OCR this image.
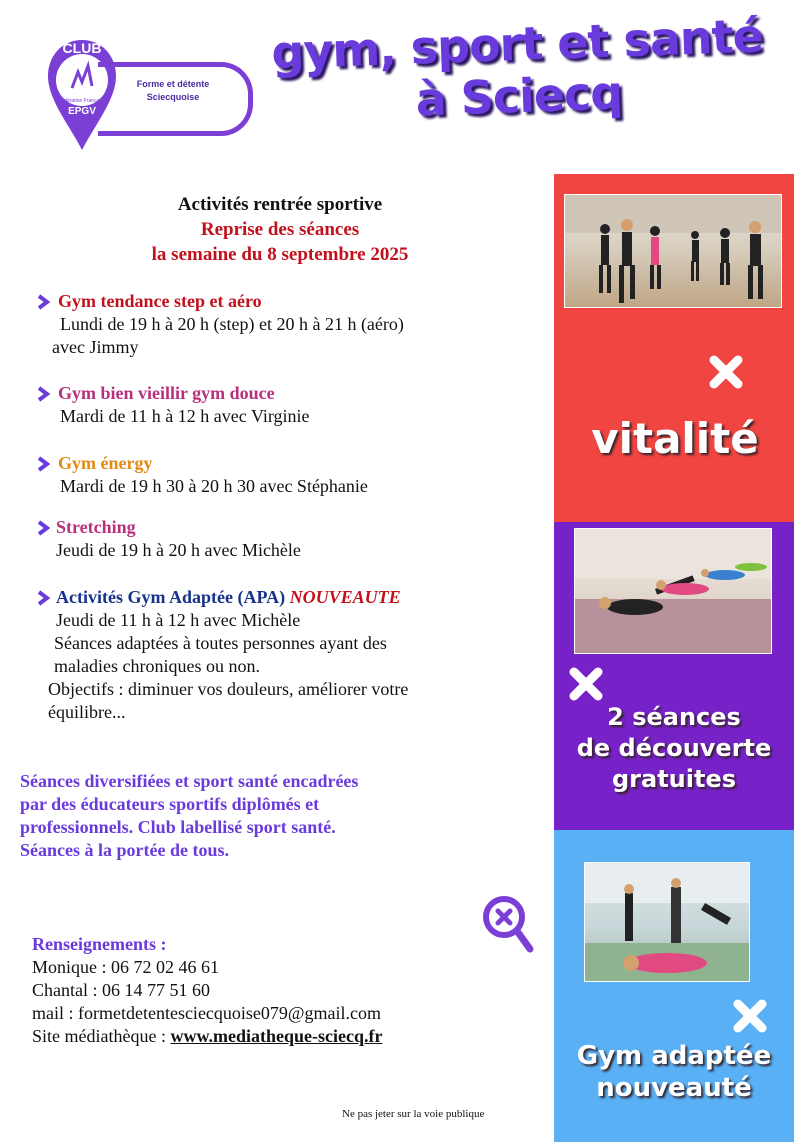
CLUB
Fédération Française
EPGV
Forme et détente
Sciecquoise
gym, sport et santé
à Sciecq
Activités rentrée sportive
Reprise des séances
la semaine du 8 septembre 2025
Gym tendance step et aéro
Lundi de 19 h à 20 h (step) et 20 h à 21 h (aéro)
avec Jimmy
Gym bien vieillir gym douce
Mardi de 11 h à 12 h avec Virginie
Gym énergy
Mardi de 19 h 30 à 20 h 30 avec Stéphanie
Stretching
Jeudi de 19 h à 20 h avec Michèle
Activités Gym Adaptée (APA) NOUVEAUTE
Jeudi de 11 h à 12 h avec Michèle
Séances adaptées à toutes personnes ayant des
maladies chroniques ou non.
Objectifs : diminuer vos douleurs, améliorer votre
équilibre...
Séances diversifiées et sport santé encadrées
par des éducateurs sportifs diplômés et
professionnels. Club labellisé sport santé.
Séances à la portée de tous.
Renseignements :
Monique : 06 72 02 46 61
Chantal : 06 14 77 51 60
mail : formetdetentesciecquoise079@gmail.com
Site médiathèque : www.mediatheque-sciecq.fr
Ne pas jeter sur la voie publique
vitalité
2 séances
de découverte
gratuites
Gym adaptée
nouveauté
